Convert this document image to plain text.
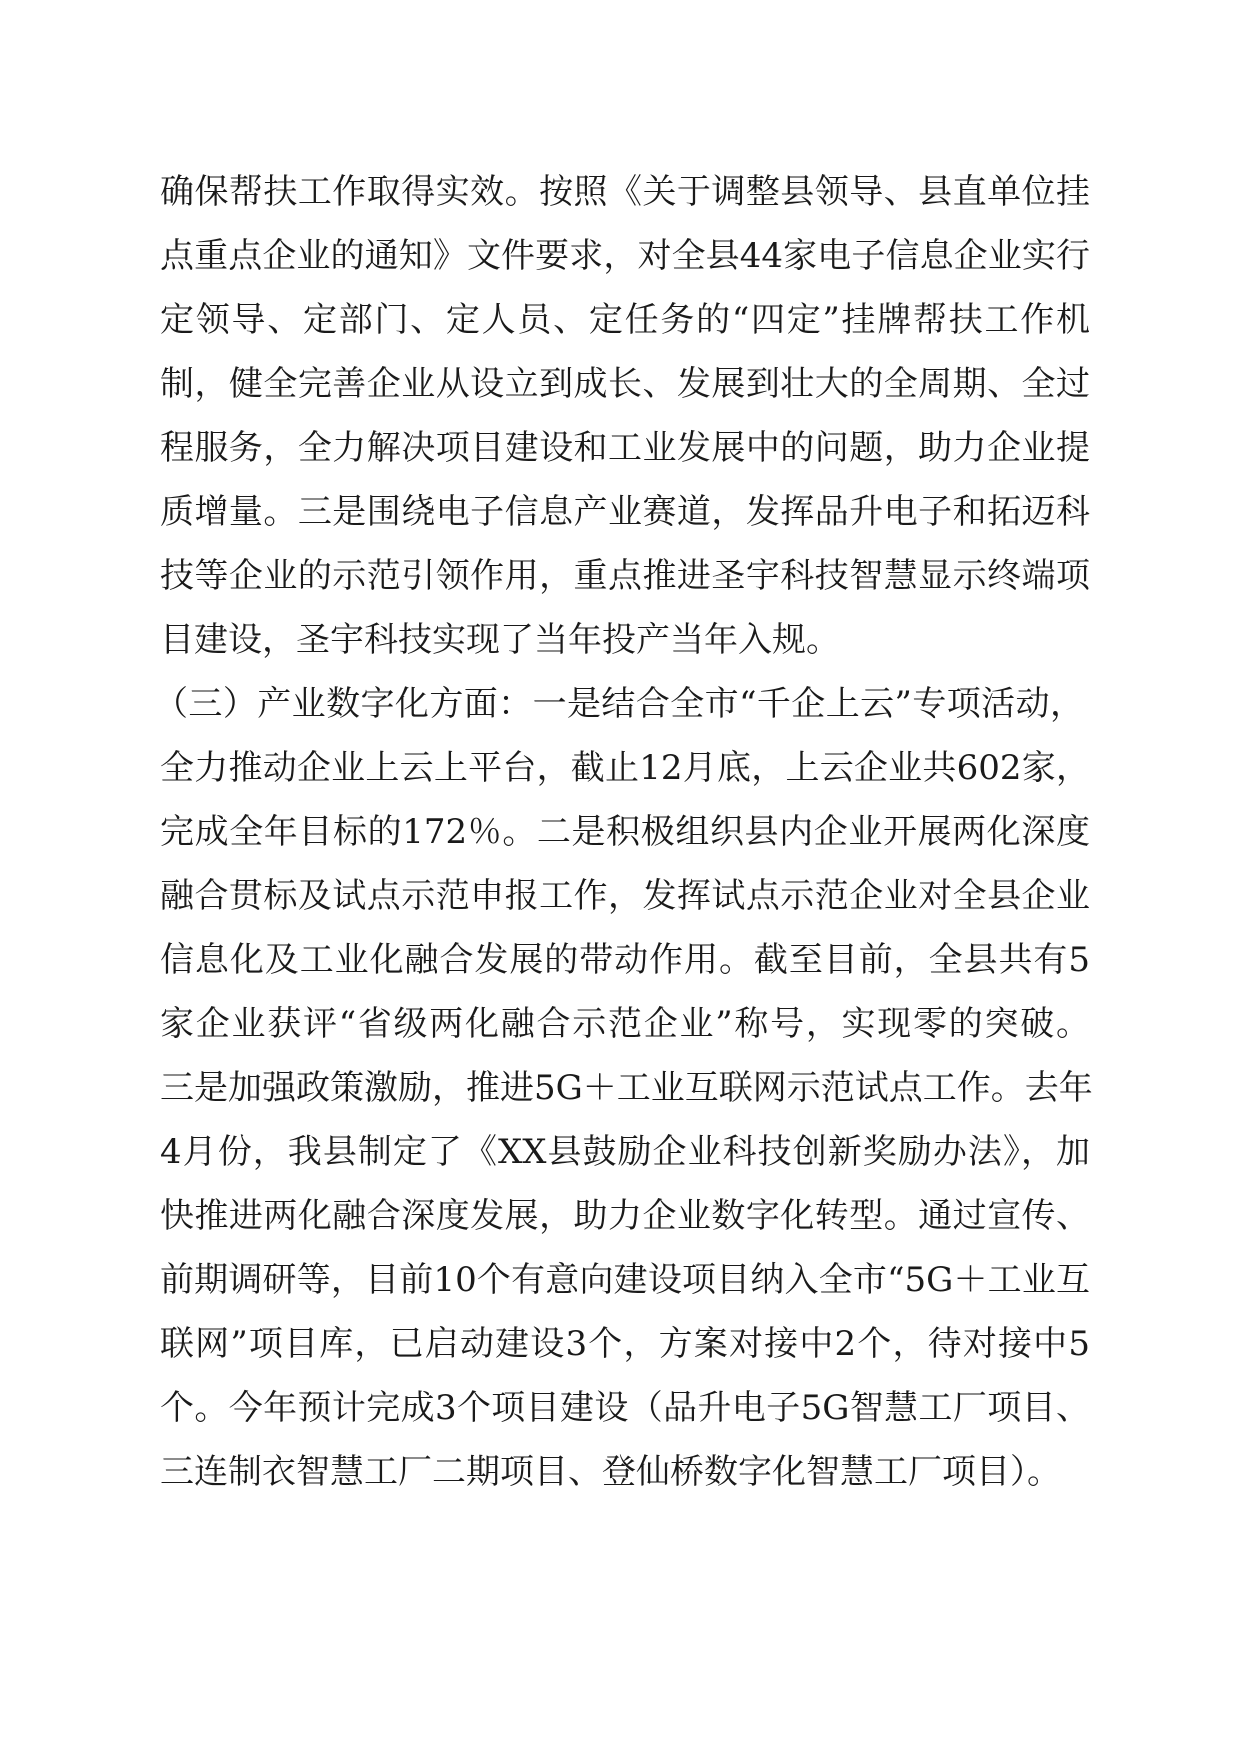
确保帮扶工作取得实效。按照《关于调整县领导、县直单位挂
点重点企业的通知》文件要求，对全县44家电子信息企业实行
定领导、定部门、定人员、定任务的“四定”挂牌帮扶工作机
制，健全完善企业从设立到成长、发展到壮大的全周期、全过
程服务，全力解决项目建设和工业发展中的问题，助力企业提
质增量。三是围绕电子信息产业赛道，发挥品升电子和拓迈科
技等企业的示范引领作用，重点推进圣宇科技智慧显示终端项
目建设，圣宇科技实现了当年投产当年入规。
（三）产业数字化方面：一是结合全市“千企上云”专项活动，
全力推动企业上云上平台，截止12月底，上云企业共602家，
完成全年目标的172％。二是积极组织县内企业开展两化深度
融合贯标及试点示范申报工作，发挥试点示范企业对全县企业
信息化及工业化融合发展的带动作用。截至目前，全县共有5
家企业获评“省级两化融合示范企业”称号，实现零的突破。
三是加强政策激励，推进5G＋工业互联网示范试点工作。去年
4月份，我县制定了《XX县鼓励企业科技创新奖励办法》，加
快推进两化融合深度发展，助力企业数字化转型。通过宣传、
前期调研等，目前10个有意向建设项目纳入全市“5G＋工业互
联网”项目库，已启动建设3个，方案对接中2个，待对接中5
个。今年预计完成3个项目建设（品升电子5G智慧工厂项目、
三连制衣智慧工厂二期项目、登仙桥数字化智慧工厂项目）。
